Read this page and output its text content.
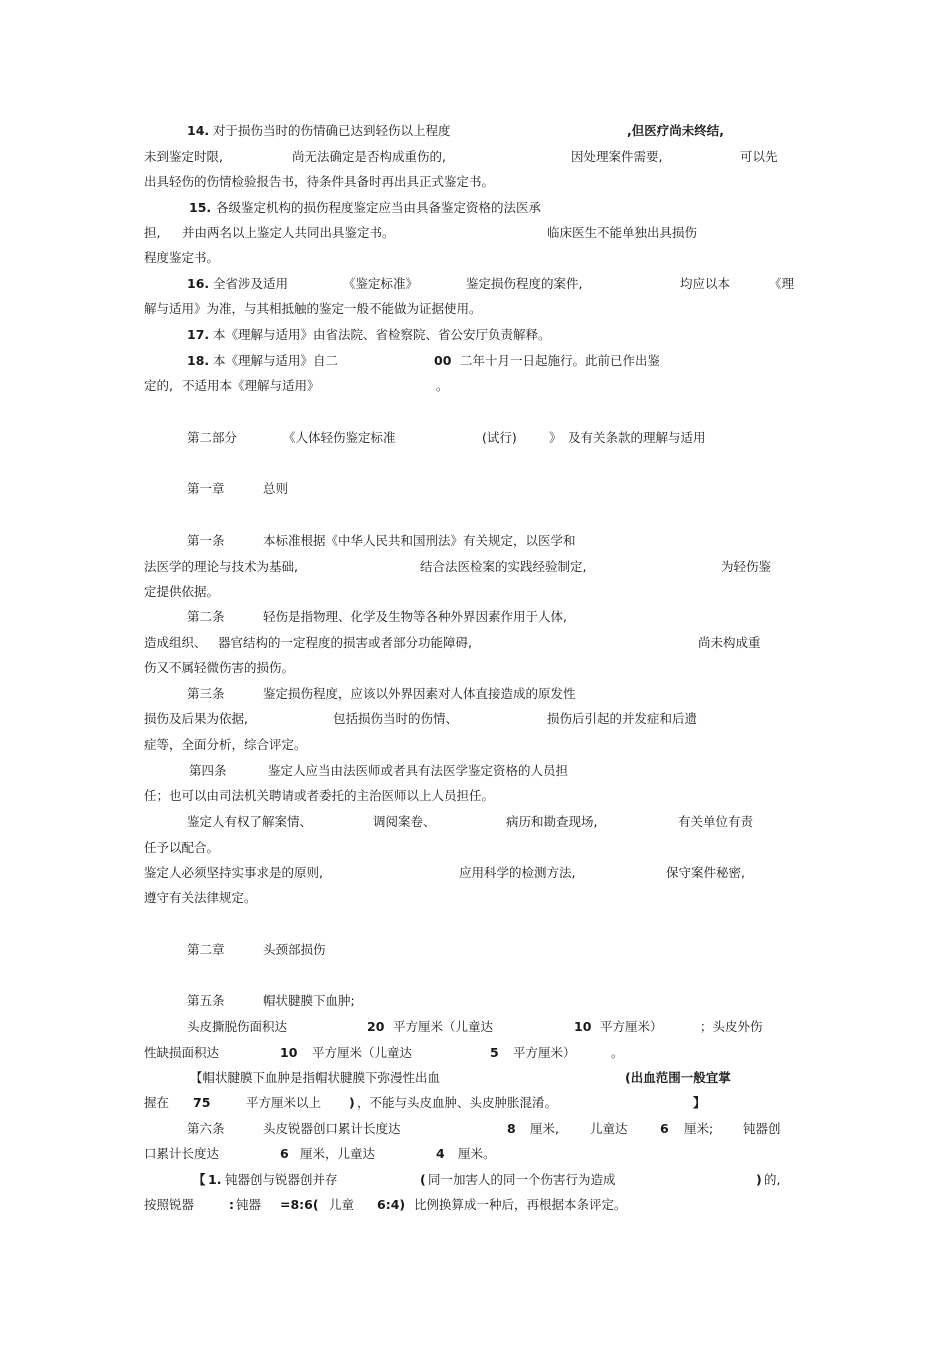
14. 对于损伤当时的伤情确已达到轻伤以上程度	,但医疗尚未终结,
未到鉴定时限,	尚无法确定是否构成重伤的,	因处理案件需要,	可以先
出具轻伤的伤情检验报告书，待条件具备时再出具正式鉴定书。
15. 各级鉴定机构的损伤程度鉴定应当由具备鉴定资格的法医承
担, 并由两名以上鉴定人共同出具鉴定书。	临床医生不能单独出具损伤
程度鉴定书。
16. 全省涉及适用	《鉴定标准》	鉴定损伤程度的案件,	均应以本	《理
解与适用》为准，与其相抵触的鉴定一般不能做为证据使用。
17. 本《理解与适用》由省法院、省检察院、省公安厅负责解释。
18. 本《理解与适用》自二	00 二年十月一日起施行。此前已作出鉴
定的, 不适用本《理解与适用》	。
第二部分	《人体轻伤鉴定标准	(试行)	》 及有关条款的理解与适用
第一章	总则
第一条	本标准根据《中华人民共和国刑法》有关规定，以医学和
法医学的理论与技术为基础,	结合法医检案的实践经验制定,	为轻伤鉴
定提供依据。
第二条	轻伤是指物理、化学及生物等各种外界因素作用于人体,
造成组织、 器官结构的一定程度的损害或者部分功能障碍,	尚未构成重
伤又不属轻微伤害的损伤。
第三条	鉴定损伤程度，应该以外界因素对人体直接造成的原发性
损伤及后果为依据,	包括损伤当时的伤情、	损伤后引起的并发症和后遗
症等，全面分析，综合评定。
第四条	鉴定人应当由法医师或者具有法医学鉴定资格的人员担
任；也可以由司法机关聘请或者委托的主治医师以上人员担任。
鉴定人有权了解案情、	调阅案卷、	病历和勘查现场,	有关单位有责
任予以配合。
鉴定人必须坚持实事求是的原则,	应用科学的检测方法,	保守案件秘密,
遵守有关法律规定。
第二章	头颈部损伤
第五条	帽状腱膜下血肿;
头皮撕脱伤面积达	20 平方厘米（儿童达	10 平方厘米）	；头皮外伤
性缺损面积达	10 平方厘米（儿童达	5 平方厘米）	。
【帽状腱膜下血肿是指帽状腱膜下弥漫性出血	(出血范围一般宜掌
握在 75	平方厘米以上 ) ，不能与头皮血肿、头皮肿胀混淆。	】
第六条	头皮锐器创口累计长度达	8 厘米, 儿童达	6 厘米; 钝器创
口累计长度达	6 厘米，儿童达	4 厘米。
【 1. 钝器创与锐器创并存	( 同一加害人的同一个伤害行为造成	) 的,
按照锐器	: 钝器 =8:6( 儿童 6:4) 比例换算成一种后，再根据本条评定。
